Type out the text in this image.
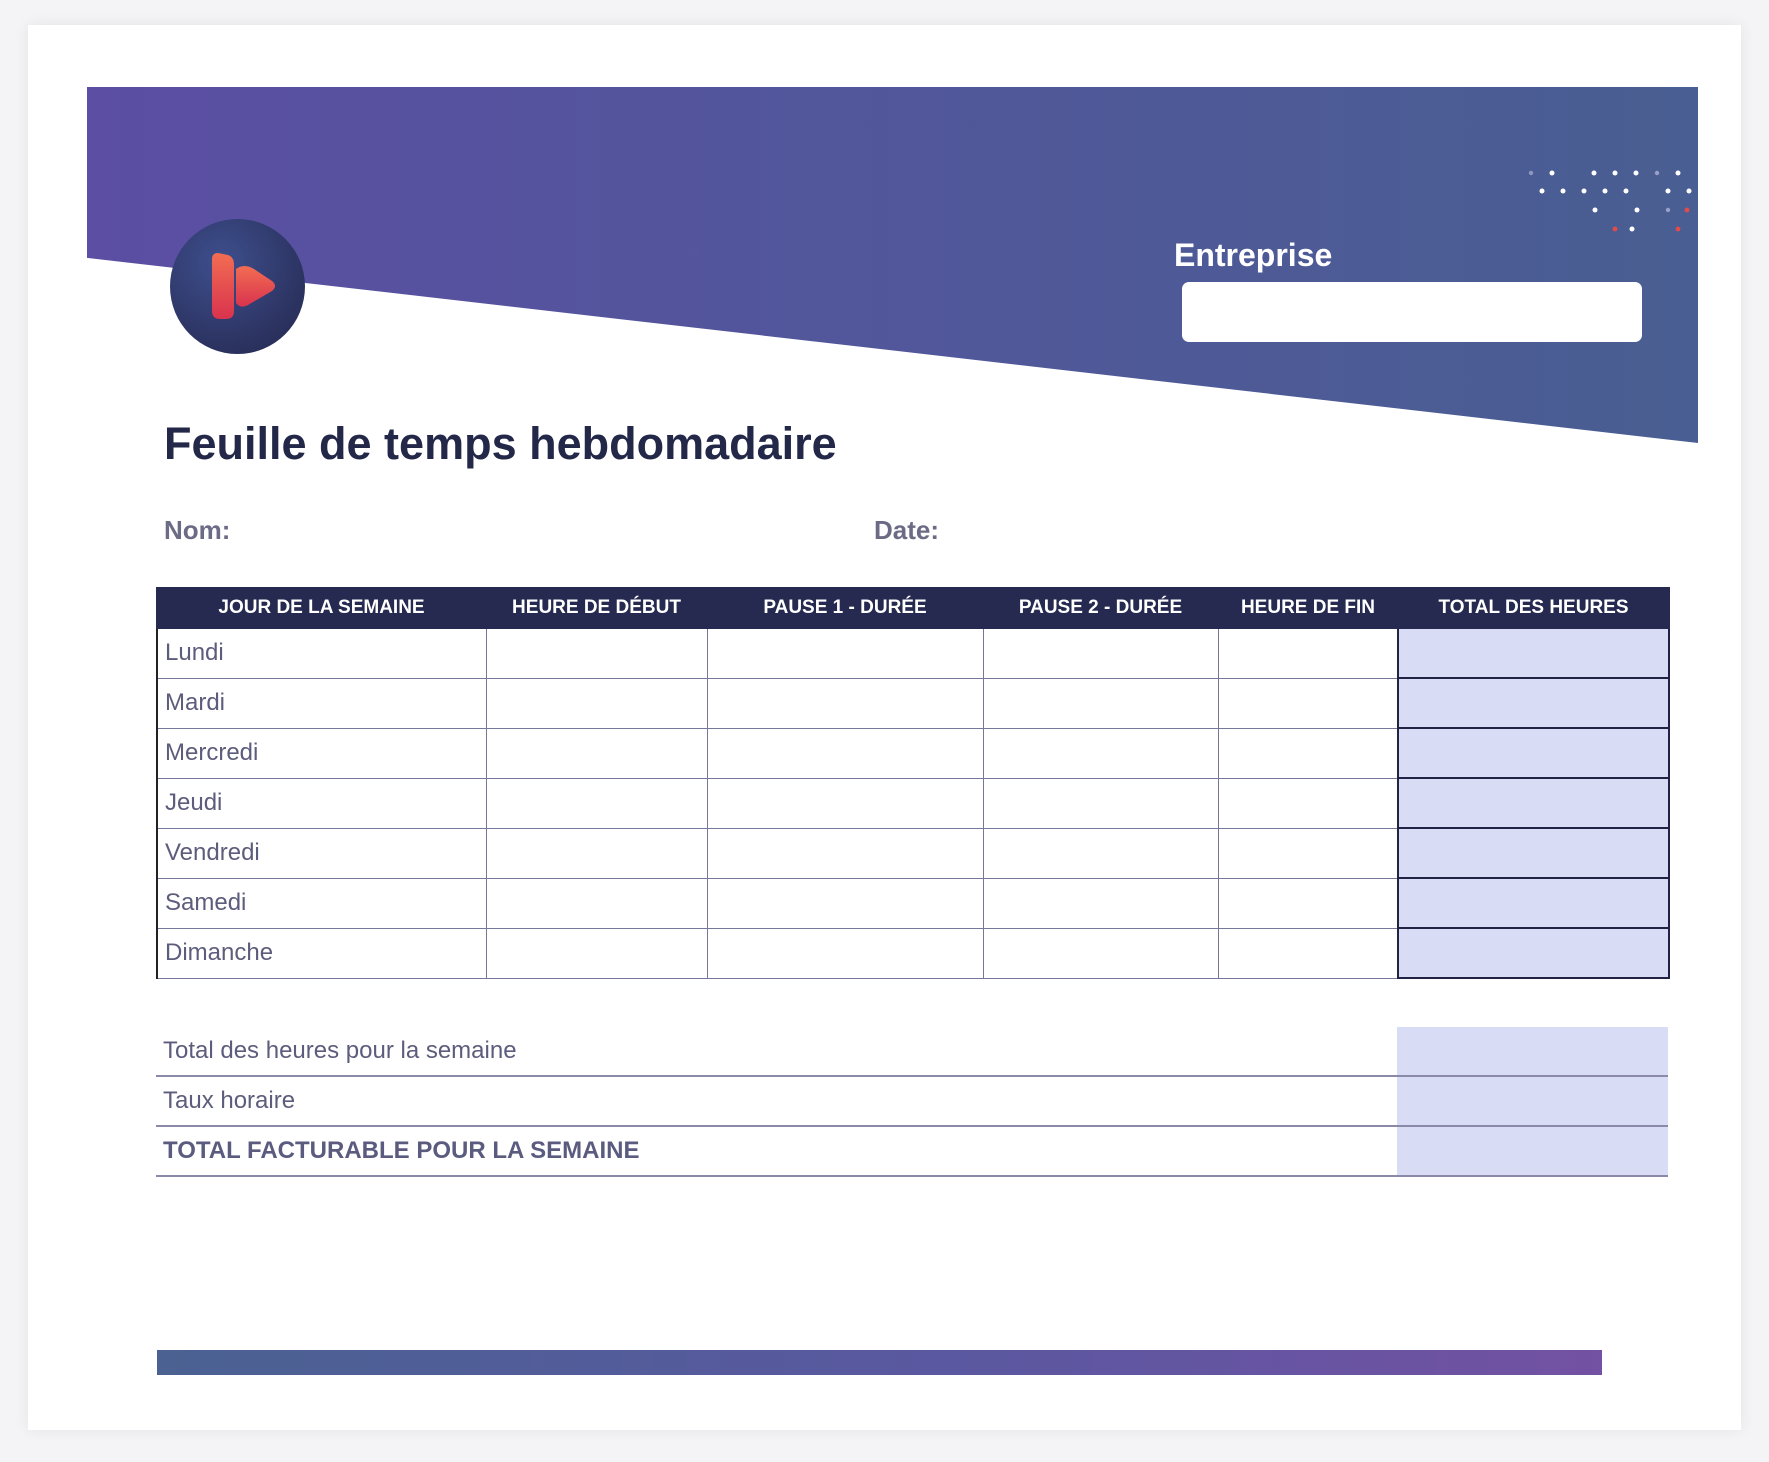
Entreprise
Feuille de temps hebdomadaire
Nom:	Date:
JOUR DE LA SEMAINE	HEURE DE DÉBUT	PAUSE 1 - DURÉE	PAUSE 2 - DURÉE	HEURE DE FIN	TOTAL DES HEURES
Lundi					
Mardi					
Mercredi					
Jeudi					
Vendredi					
Samedi					
Dimanche					
Total des heures pour la semaine	
Taux horaire	
TOTAL FACTURABLE POUR LA SEMAINE	
